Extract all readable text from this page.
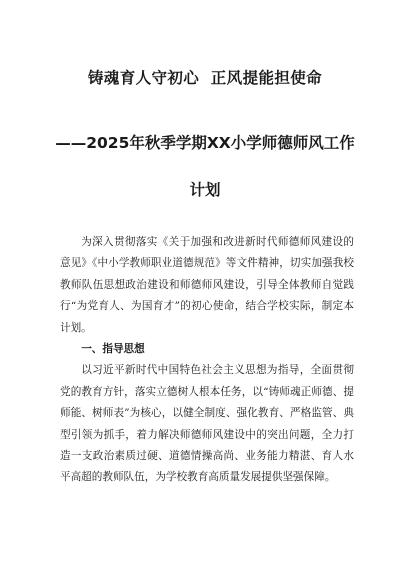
铸魂育人守初心  正风提能担使命
——2025年秋季学期XX小学师德师风工作
计划

为深入贯彻落实《关于加强和改进新时代师德师风建设的意见》《中小学教师职业道德规范》等文件精神，切实加强我校教师队伍思想政治建设和师德师风建设，引导全体教师自觉践行“为党育人、为国育才”的初心使命，结合学校实际，制定本计划。

一、指导思想

以习近平新时代中国特色社会主义思想为指导，全面贯彻党的教育方针，落实立德树人根本任务，以“铸师魂正师德、提师能、树师表”为核心，以健全制度、强化教育、严格监管、典型引领为抓手，着力解决师德师风建设中的突出问题，全力打造一支政治素质过硬、道德情操高尚、业务能力精湛、育人水平高超的教师队伍，为学校教育高质量发展提供坚强保障。
